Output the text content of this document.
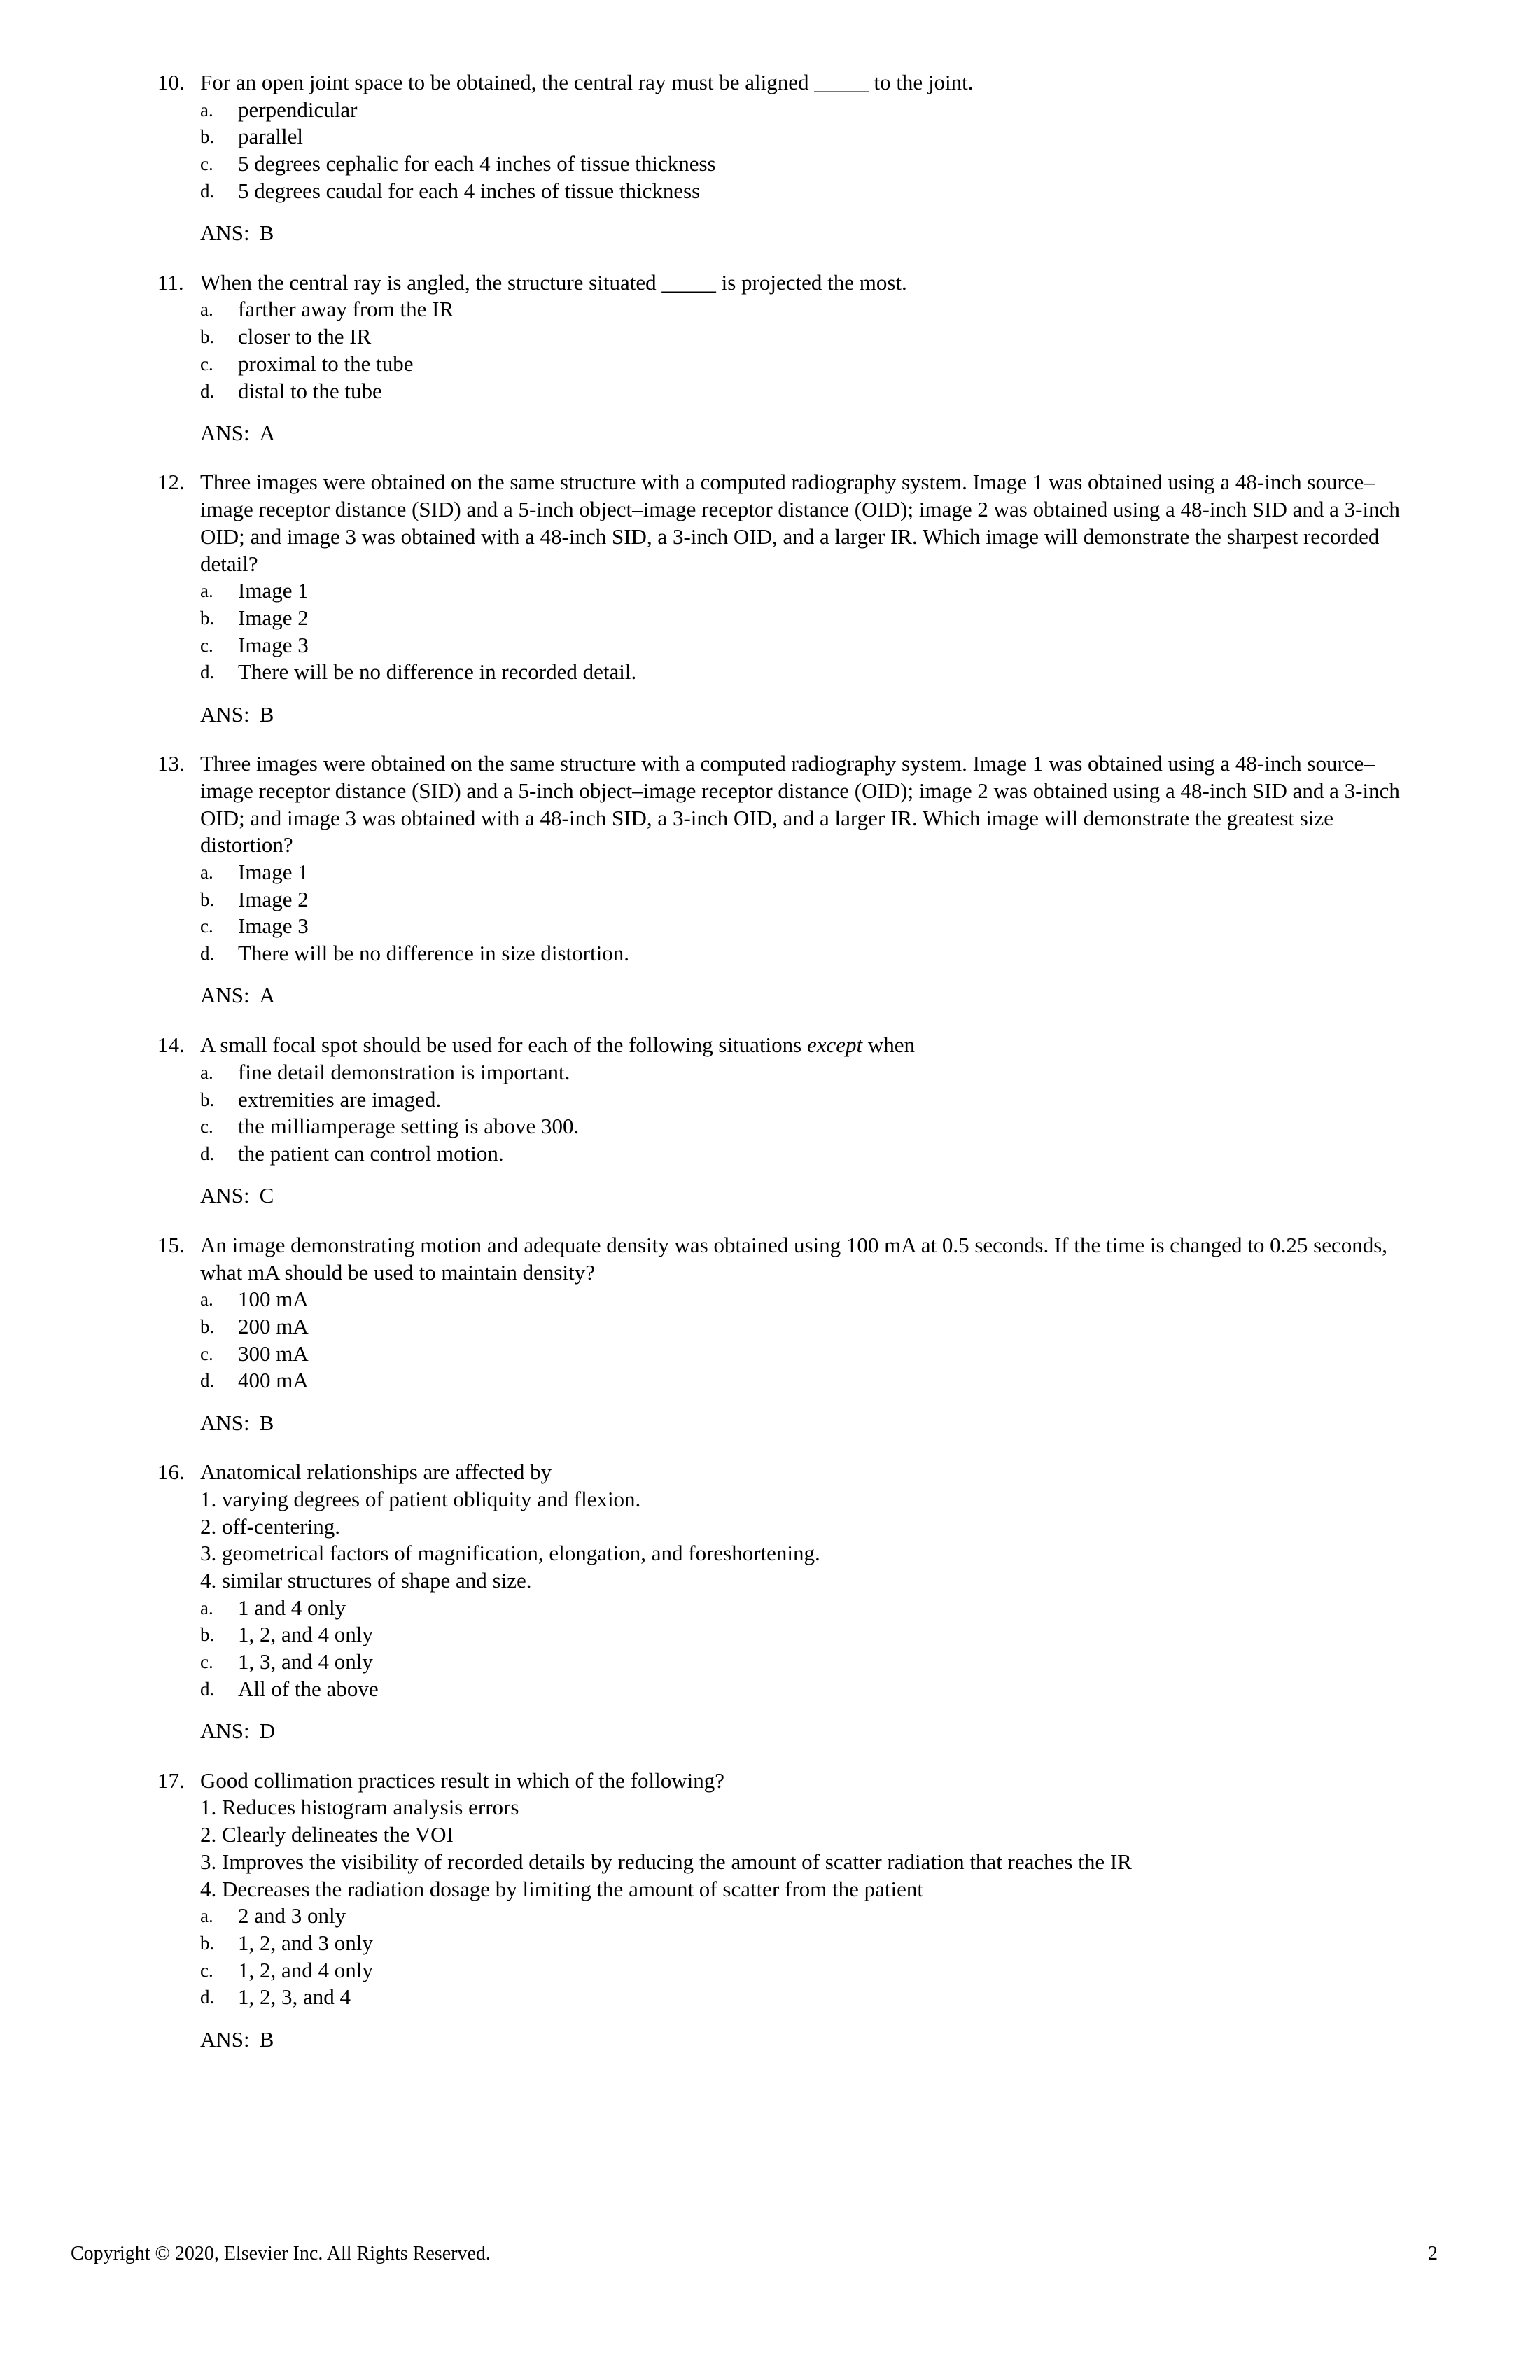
10. For an open joint space to be obtained, the central ray must be aligned _____ to the joint.
a.	perpendicular
b.	parallel
c.	5 degrees cephalic for each 4 inches of tissue thickness
d.	5 degrees caudal for each 4 inches of tissue thickness
ANS: B
11. When the central ray is angled, the structure situated _____ is projected the most.
a.	farther away from the IR
b.	closer to the IR
c.	proximal to the tube
d.	distal to the tube
ANS: A
12. Three images were obtained on the same structure with a computed radiography system. Image 1 was obtained using a 48-inch source–image receptor distance (SID) and a 5-inch object–image receptor distance (OID); image 2 was obtained using a 48-inch SID and a 3-inch OID; and image 3 was obtained with a 48-inch SID, a 3-inch OID, and a larger IR. Which image will demonstrate the sharpest recorded detail?
a.	Image 1
b.	Image 2
c.	Image 3
d.	There will be no difference in recorded detail.
ANS: B
13. Three images were obtained on the same structure with a computed radiography system. Image 1 was obtained using a 48-inch source–image receptor distance (SID) and a 5-inch object–image receptor distance (OID); image 2 was obtained using a 48-inch SID and a 3-inch OID; and image 3 was obtained with a 48-inch SID, a 3-inch OID, and a larger IR. Which image will demonstrate the greatest size distortion?
a.	Image 1
b.	Image 2
c.	Image 3
d.	There will be no difference in size distortion.
ANS: A
14. A small focal spot should be used for each of the following situations except when
a.	fine detail demonstration is important.
b.	extremities are imaged.
c.	the milliamperage setting is above 300.
d.	the patient can control motion.
ANS: C
15. An image demonstrating motion and adequate density was obtained using 100 mA at 0.5 seconds. If the time is changed to 0.25 seconds, what mA should be used to maintain density?
a.	100 mA
b.	200 mA
c.	300 mA
d.	400 mA
ANS: B
16. Anatomical relationships are affected by
1. varying degrees of patient obliquity and flexion.
2. off-centering.
3. geometrical factors of magnification, elongation, and foreshortening.
4. similar structures of shape and size.
a.	1 and 4 only
b.	1, 2, and 4 only
c.	1, 3, and 4 only
d.	All of the above
ANS: D
17. Good collimation practices result in which of the following?
1. Reduces histogram analysis errors
2. Clearly delineates the VOI
3. Improves the visibility of recorded details by reducing the amount of scatter radiation that reaches the IR
4. Decreases the radiation dosage by limiting the amount of scatter from the patient
a.	2 and 3 only
b.	1, 2, and 3 only
c.	1, 2, and 4 only
d.	1, 2, 3, and 4
ANS: B
Copyright © 2020, Elsevier Inc. All Rights Reserved.	2
